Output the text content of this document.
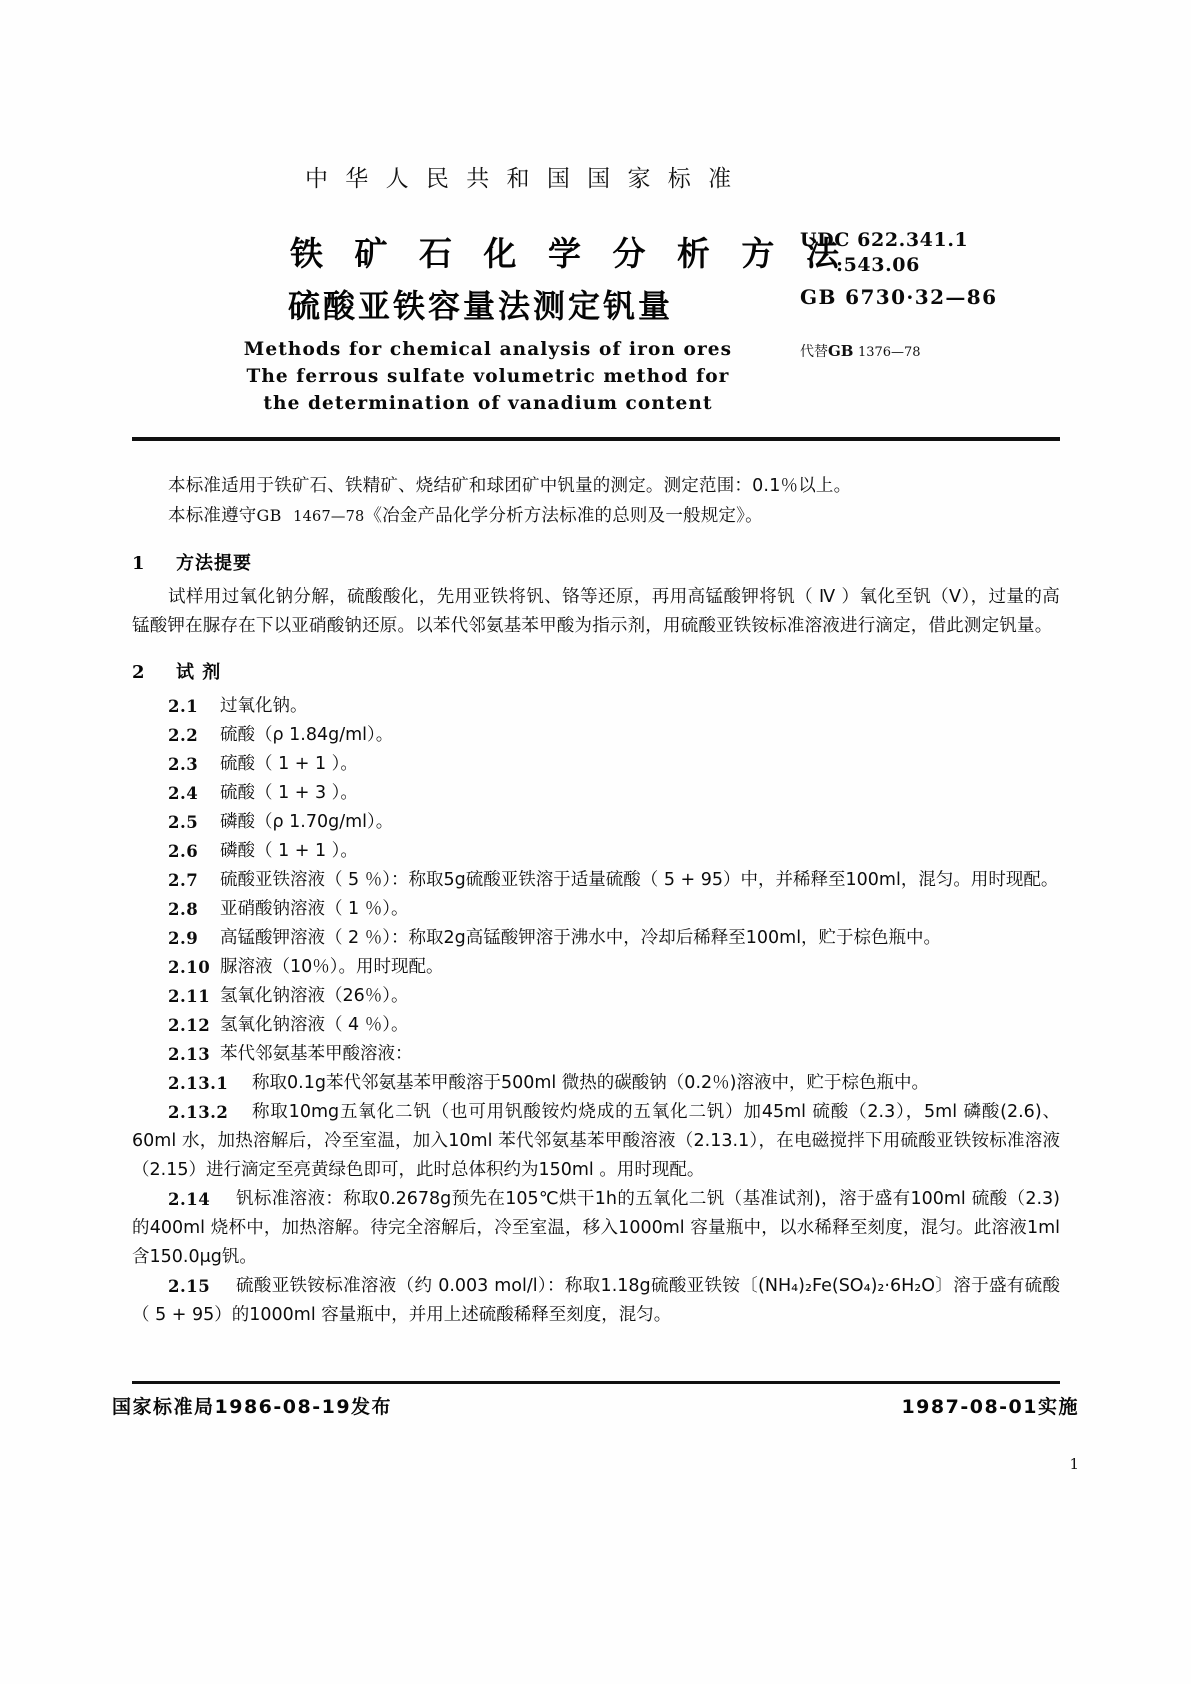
中 华 人 民 共 和 国 国 家 标 准
铁 矿 石 化 学 分 析 方 法
硫酸亚铁容量法测定钒量
Methods for chemical analysis of iron ores
The ferrous sulfate volumetric method for
the determination of vanadium content
UDC 622.341.1
:543.06
GB 6730·32—86
代替GB 1376—78

本标准适用于铁矿石、铁精矿、烧结矿和球团矿中钒量的测定。测定范围：0.1％以上。

本标准遵守GB 1467—78《冶金产品化学分析方法标准的总则及一般规定》。

1 方法提要

试样用过氧化钠分解，硫酸酸化，先用亚铁将钒、铬等还原，再用高锰酸钾将钒（ Ⅳ ）氧化至钒（Ⅴ），过量的高锰酸钾在脲存在下以亚硝酸钠还原。以苯代邻氨基苯甲酸为指示剂，用硫酸亚铁铵标准溶液进行滴定，借此测定钒量。

2 试 剂
2.1 过氧化钠。
2.2 硫酸（ρ 1.84g/ml）。
2.3 硫酸（ 1 + 1 ）。
2.4 硫酸（ 1 + 3 ）。
2.5 磷酸（ρ 1.70g/ml）。
2.6 磷酸（ 1 + 1 ）。
2.7	硫酸亚铁溶液（ 5 ％）：称取5g硫酸亚铁溶于适量硫酸（ 5 + 95）中，并稀释至100ml，混匀。用时现配。
2.8 亚硝酸钠溶液（ 1 ％）。
2.9 高锰酸钾溶液（ 2 ％）：称取2g高锰酸钾溶于沸水中，冷却后稀释至100ml，贮于棕色瓶中。
2.10 脲溶液（10％）。用时现配。
2.11 氢氧化钠溶液（26％）。
2.12 氢氧化钠溶液（ 4 ％）。
2.13 苯代邻氨基苯甲酸溶液：
2.13.1 称取0.1g苯代邻氨基苯甲酸溶于500ml 微热的碳酸钠（0.2％)溶液中，贮于棕色瓶中。
2.13.2	称取10mg五氧化二钒（也可用钒酸铵灼烧成的五氧化二钒）加45ml 硫酸（2.3），5ml 磷酸(2.6)、60ml 水，加热溶解后，冷至室温，加入10ml 苯代邻氨基苯甲酸溶液（2.13.1），在电磁搅拌下用硫酸亚铁铵标准溶液（2.15）进行滴定至亮黄绿色即可，此时总体积约为150ml 。用时现配。
2.14	钒标准溶液：称取0.2678g预先在105℃烘干1h的五氧化二钒（基准试剂)，溶于盛有100ml 硫酸（2.3)的400ml 烧杯中，加热溶解。待完全溶解后，冷至室温，移入1000ml 容量瓶中，以水稀释至刻度，混匀。此溶液1ml 含150.0μg钒。
2.15	硫酸亚铁铵标准溶液（约 0.003 mol/l）：称取1.18g硫酸亚铁铵〔(NH₄)₂Fe(SO₄)₂·6H₂O〕溶于盛有硫酸（ 5 + 95）的1000ml 容量瓶中，并用上述硫酸稀释至刻度，混匀。
国家标准局1986-08-19发布	1987-08-01实施
1
